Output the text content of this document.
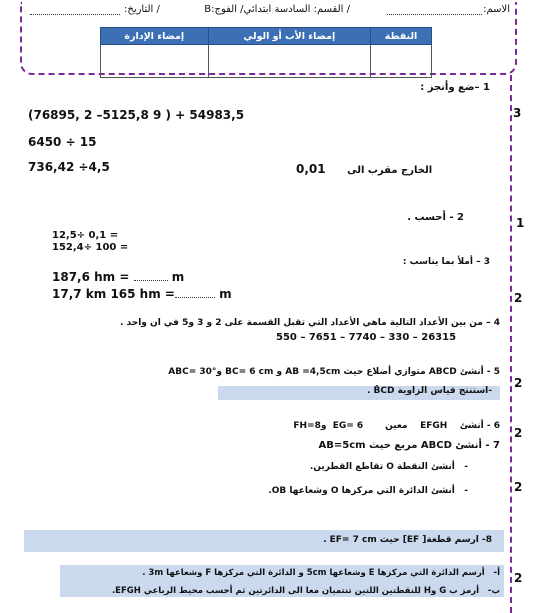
الاسم:
/ القسم: السادسة ابتدائي/ الفوج:B
/ التاريخ:
إمضاء الإدارة	إمضاء الأب أو الولي	النقطة

1 –ضع وأنجز :
3
(76895, 2 –5125,8 9 ) + 54983,5
6450 ÷ 15
736,42 ÷4,5	0,01 الخارج مقرب الى
2 - أحسب .	1
12,5÷ 0,1 =
152,4÷ 100 =
3 – أملأ بما يناسب :
187,6 hm =	m
17,7 km 165 hm =	m	2
4 – من بين الأعداد التالية ماهي الأعداد التي تقبل القسمة على 2 و 3 و5 في ان واحد .
550 – 7651 – 7740 – 330 – 26315
5 - أنشئ ABCD متوازي أضلاع حيث AB =4,5cm و BC= 6 cm وABC= 30°
-استنتج قياس الزاوية B̂CD .
2
6 - أنشئ    EFGH    معين       EG= 6  وFH=8 2
7 - أنشئ ABCD مربع حيث AB=5cm
-   أنشئ النقطة O تقاطع القطرين.
-   أنشئ الدائرة التي مركزها O وشعاعها OB.	2
8- ارسم قطعة[ EF] حيث EF= 7 cm .
أ-   أرسم الدائرة التي مركزها E وشعاعها 5cm و الدائرة التي مركزها F وشعاعها 3m .
ب-   أرمز ب G وH للنقطتين اللتين تنتميان معا الى الدائرتين ثم أحسب محيط الرباعي EFGH.
2
